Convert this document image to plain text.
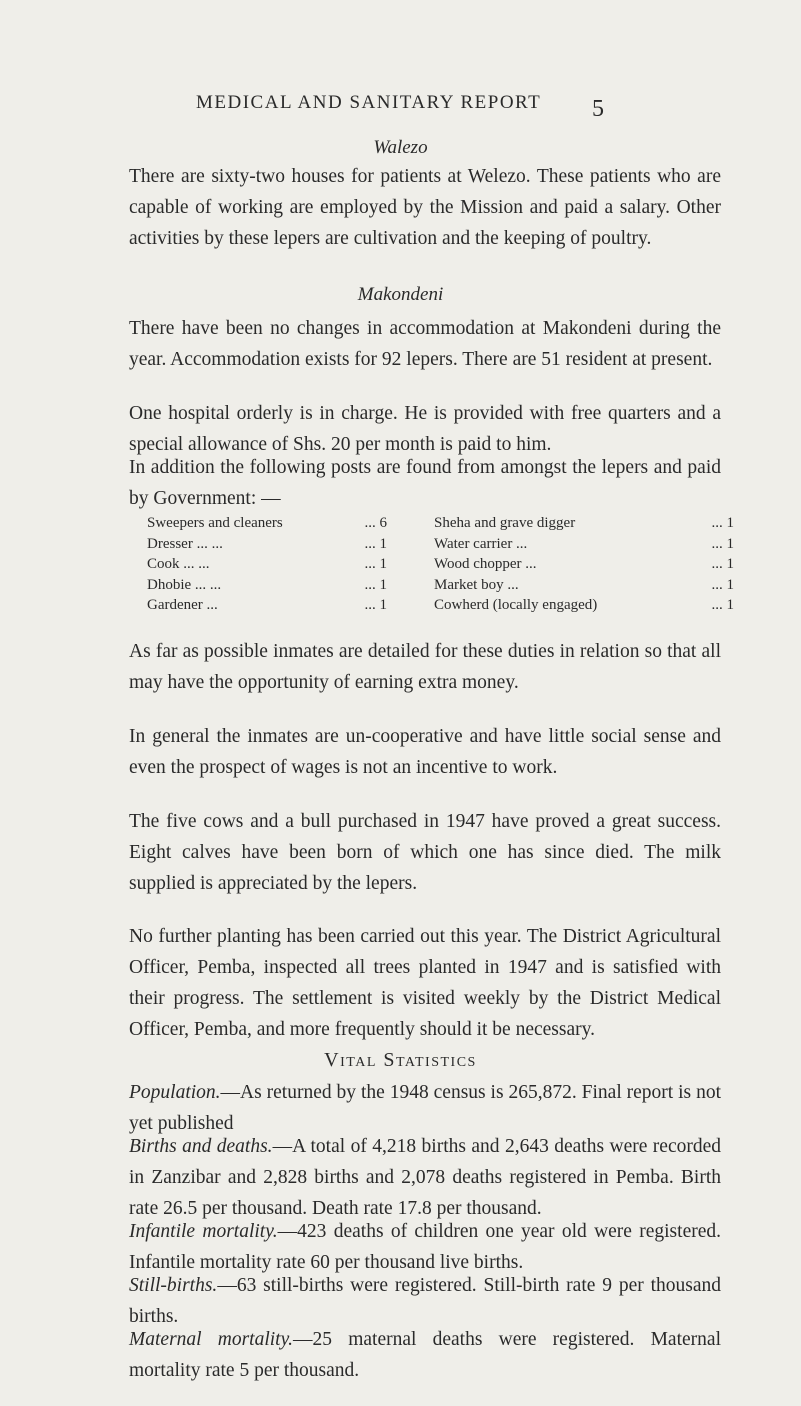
MEDICAL AND SANITARY REPORT 5
Walezo

There are sixty-two houses for patients at Welezo. These patients who are capable of working are employed by the Mission and paid a salary. Other activities by these lepers are cultivation and the keeping of poultry.

Makondeni

There have been no changes in accommodation at Makondeni during the year. Accommodation exists for 92 lepers. There are 51 resident at present.

One hospital orderly is in charge. He is provided with free quarters and a special allowance of Shs. 20 per month is paid to him.

In addition the following posts are found from amongst the lepers and paid by Government: —

Sweepers and cleaners	... 6
Dresser ... ...	... 1
Cook ... ...	... 1
Dhobie ... ...	... 1
Gardener ...	... 1
Sheha and grave digger	... 1
Water carrier ...	... 1
Wood chopper ...	... 1
Market boy ...	... 1
Cowherd (locally engaged)	... 1

As far as possible inmates are detailed for these duties in relation so that all may have the opportunity of earning extra money.

In general the inmates are un-cooperative and have little social sense and even the prospect of wages is not an incentive to work.

The five cows and a bull purchased in 1947 have proved a great success. Eight calves have been born of which one has since died. The milk supplied is appreciated by the lepers.

No further planting has been carried out this year. The District Agricultural Officer, Pemba, inspected all trees planted in 1947 and is satisfied with their progress. The settlement is visited weekly by the District Medical Officer, Pemba, and more frequently should it be necessary.

Vital Statistics

Population.—As returned by the 1948 census is 265,872. Final report is not yet published

Births and deaths.—A total of 4,218 births and 2,643 deaths were recorded in Zanzibar and 2,828 births and 2,078 deaths registered in Pemba. Birth rate 26.5 per thousand. Death rate 17.8 per thousand.

Infantile mortality.—423 deaths of children one year old were registered. Infantile mortality rate 60 per thousand live births.

Still-births.—63 still-births were registered. Still-birth rate 9 per thousand births.

Maternal mortality.—25 maternal deaths were registered. Maternal mortality rate 5 per thousand.
